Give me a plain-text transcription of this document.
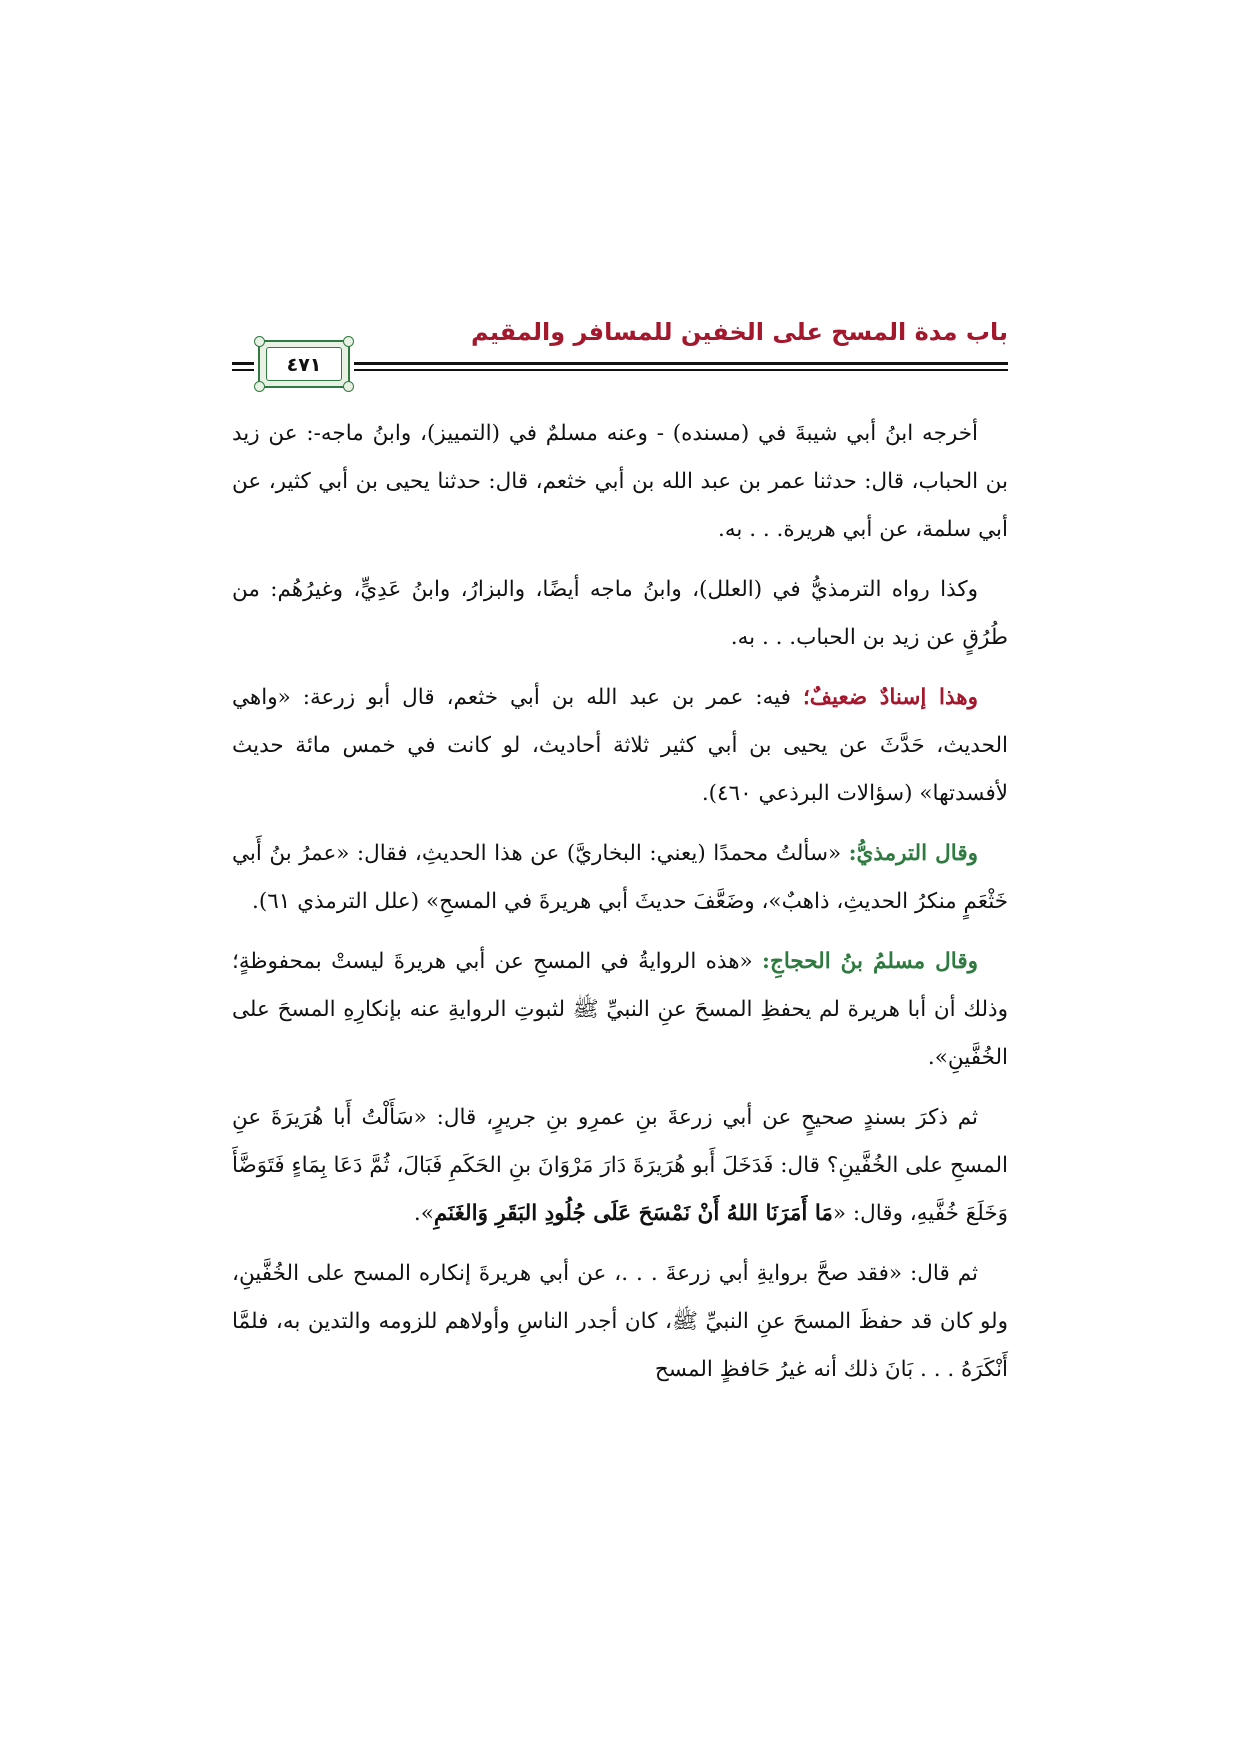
باب مدة المسح على الخفين للمسافر والمقيم
٤٧١

أخرجه ابنُ أبي شيبةَ في (مسنده) - وعنه مسلمٌ في (التمييز)، وابنُ ماجه-: عن زيد بن الحباب، قال: حدثنا عمر بن عبد الله بن أبي خثعم، قال: حدثنا يحيى بن أبي كثير، عن أبي سلمة، عن أبي هريرة. . . به.

وكذا رواه الترمذيُّ في (العلل)، وابنُ ماجه أيضًا، والبزارُ، وابنُ عَدِيٍّ، وغيرُهُم: من طُرُقٍ عن زيد بن الحباب. . . به.

وهذا إسنادٌ ضعيفٌ؛ فيه: عمر بن عبد الله بن أبي خثعم، قال أبو زرعة: «واهي الحديث، حَدَّثَ عن يحيى بن أبي كثير ثلاثة أحاديث، لو كانت في خمس مائة حديث لأفسدتها» (سؤالات البرذعي ٤٦٠).

وقال الترمذيُّ: «سألتُ محمدًا (يعني: البخاريَّ) عن هذا الحديثِ، فقال: «عمرُ بنُ أَبي خَثْعَمٍ منكرُ الحديثِ، ذاهبٌ»، وضَعَّفَ حديثَ أبي هريرةَ في المسحِ» (علل الترمذي ٦١).

وقال مسلمُ بنُ الحجاجِ: «هذه الروايةُ في المسحِ عن أبي هريرةَ ليستْ بمحفوظةٍ؛ وذلك أن أبا هريرة لم يحفظِ المسحَ عنِ النبيِّ ﷺ لثبوتِ الروايةِ عنه بإنكارِهِ المسحَ على الخُفَّينِ».

ثم ذكرَ بسندٍ صحيحٍ عن أبي زرعةَ بنِ عمرِو بنِ جريرٍ، قال: «سَأَلْتُ أَبا هُرَيرَةَ عنِ المسحِ على الخُفَّينِ؟ قال: فَدَخَلَ أَبو هُرَيرَةَ دَارَ مَرْوَانَ بنِ الحَكَمِ فَبَالَ، ثُمَّ دَعَا بِمَاءٍ فَتَوَضَّأَ وَخَلَعَ خُفَّيهِ، وقال: «مَا أَمَرَنَا اللهُ أَنْ نَمْسَحَ عَلَى جُلُودِ البَقَرِ وَالغَنَمِ».

ثم قال: «فقد صحَّ بروايةِ أبي زرعةَ . . .، عن أبي هريرةَ إنكاره المسح على الخُفَّينِ، ولو كان قد حفظَ المسحَ عنِ النبيِّ ﷺ، كان أجدر الناسِ وأولاهم للزومه والتدين به، فلمَّا أَنْكَرَهُ . . . بَانَ ذلك أنه غيرُ حَافظٍ المسح
